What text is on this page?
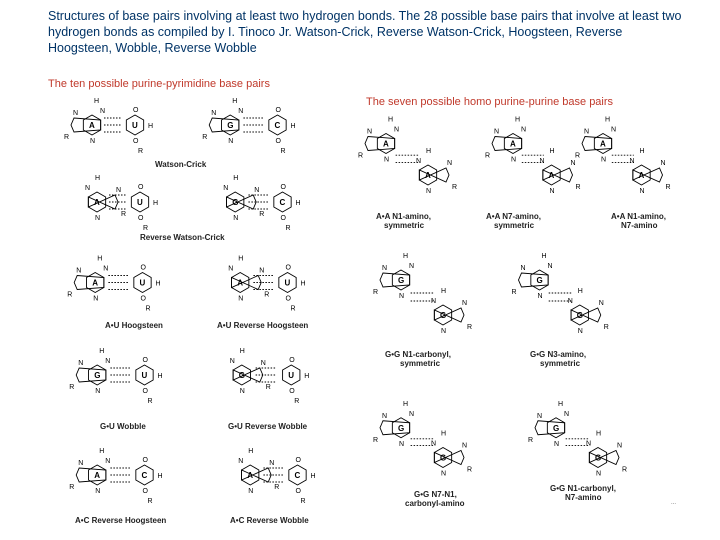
Structures of base pairs involving at least two hydrogen bonds. The 28 possible base pairs that involve at least two hydrogen bonds as compiled by I. Tinoco Jr. Watson-Crick, Reverse Watson-Crick, Hoogsteen, Reverse Hoogsteen, Wobble, Reverse Wobble
The ten possible purine-pyrimidine base pairs
The seven possible homo purine-purine base pairs
A
N
N
R
N
H
U
O
O
H
R
G
N
N
R
N
H
C
O
O
H
R
Watson-Crick
A
N
N
R
N
H
U
O
O
H
R
G
N
N
R
N
H
C
O
O
H
R
Reverse Watson-Crick
A
N
N
R
N
H
U
O
O
H
R
A
N
N
R
N
H
U
O
O
H
R
A•U Hoogsteen	A•U Reverse Hoogsteen
G
N
N
R
N
H
U
O
O
H
R
G
N
N
R
N
H
U
O
O
H
R
G•U Wobble	G•U Reverse Wobble
A
N
N
R
N
H
C
O
O
H
R
A
N
N
R
N
H
C
O
O
H
R
A•C Reverse Hoogsteen	A•C Reverse Wobble
A
N
N
R
N
H
A
N
N
R
N
H
A
N
N
R
N
H
A
N
N
R
N
H
A
N
N
R
N
H
A
N
N
R
N
H
A•A N1-amino,
symmetric
A•A N7-amino,
symmetric
A•A N1-amino,
N7-amino
G
N
N
R
N
H
G
N
N
R
N
H
G
N
N
R
N
H
G
N
N
R
N
H
G•G N1-carbonyl,
symmetric
G•G N3-amino,
symmetric
G
N
N
R
N
H
G
N
N
R
N
H
G
N
N
R
N
H
G
N
N
R
N
H
G•G N7-N1,
carbonyl-amino
G•G N1-carbonyl,
N7-amino
...
